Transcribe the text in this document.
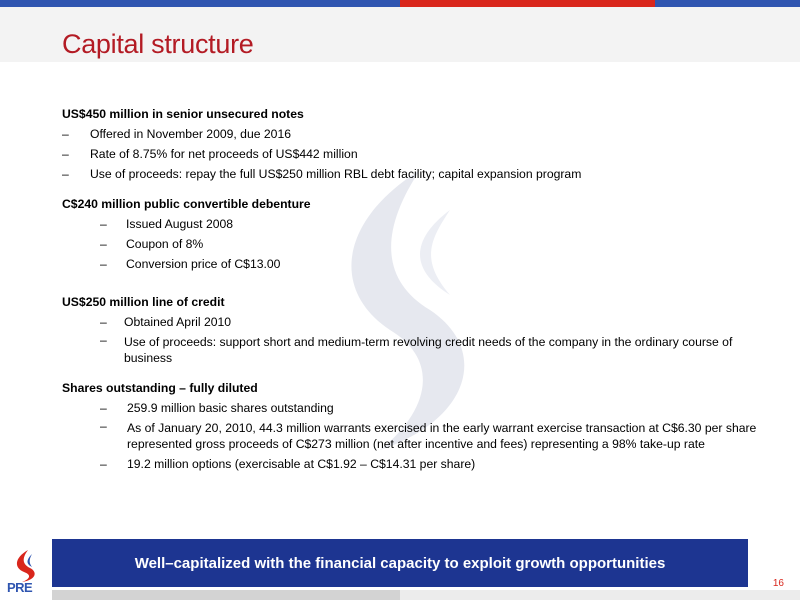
Capital structure
US$450 million in senior unsecured notes
– Offered in November 2009, due 2016
– Rate of 8.75% for net proceeds of US$442 million
– Use of proceeds: repay the full US$250 million RBL debt facility; capital expansion program
C$240 million public convertible debenture
– Issued August 2008
– Coupon of 8%
– Conversion price of C$13.00
US$250 million line of credit
– Obtained April 2010
– Use of proceeds: support short and medium-term revolving credit needs of the company in the ordinary course of business
Shares outstanding – fully diluted
– 259.9 million basic shares outstanding
– As of January 20, 2010, 44.3 million warrants exercised in the early warrant exercise transaction at C$6.30 per share represented gross proceeds of C$273 million (net after incentive and fees) representing a 98% take-up rate
– 19.2 million options (exercisable at C$1.92 – C$14.31 per share)
Well–capitalized with the financial capacity to exploit growth opportunities
16
PRE
